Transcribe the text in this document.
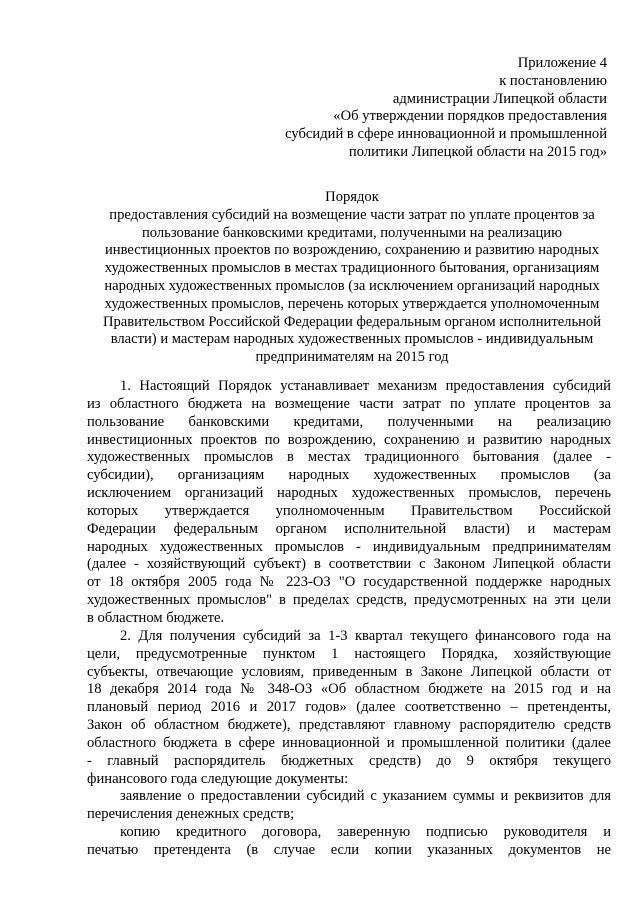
Приложение 4
к постановлению
администрации Липецкой области
«Об утверждении порядков предоставления
субсидий в сфере инновационной и промышленной
политики Липецкой области на 2015 год»
Порядок
предоставления субсидий на возмещение части затрат по уплате процентов за
пользование банковскими кредитами, полученными на реализацию
инвестиционных проектов по возрождению, сохранению и развитию народных
художественных промыслов в местах традиционного бытования, организациям
народных художественных промыслов (за исключением организаций народных
художественных промыслов, перечень которых утверждается уполномоченным
Правительством Российской Федерации федеральным органом исполнительной
власти) и мастерам народных художественных промыслов - индивидуальным
предпринимателям на 2015 год
1. Настоящий Порядок устанавливает механизм предоставления субсидий
из областного бюджета на возмещение части затрат по уплате процентов за
пользование банковскими кредитами, полученными на реализацию
инвестиционных проектов по возрождению, сохранению и развитию народных
художественных промыслов в местах традиционного бытования (далее -
субсидии), организациям народных художественных промыслов (за
исключением организаций народных художественных промыслов, перечень
которых утверждается уполномоченным Правительством Российской
Федерации федеральным органом исполнительной власти) и мастерам
народных художественных промыслов - индивидуальным предпринимателям
(далее - хозяйствующий субъект) в соответствии с Законом Липецкой области
от 18 октября 2005 года № 223-ОЗ "О государственной поддержке народных
художественных промыслов" в пределах средств, предусмотренных на эти цели
в областном бюджете.
2. Для получения субсидий за 1-3 квартал текущего финансового года на
цели, предусмотренные пунктом 1 настоящего Порядка, хозяйствующие
субъекты, отвечающие условиям, приведенным в Законе Липецкой области от
18 декабря 2014 года № 348-ОЗ «Об областном бюджете на 2015 год и на
плановый период 2016 и 2017 годов» (далее соответственно – претенденты,
Закон об областном бюджете), представляют главному распорядителю средств
областного бюджета в сфере инновационной и промышленной политики (далее
- главный распорядитель бюджетных средств) до 9 октября текущего
финансового года следующие документы:
заявление о предоставлении субсидий с указанием суммы и реквизитов для
перечисления денежных средств;
копию кредитного договора, заверенную подписью руководителя и
печатью претендента (в случае если копии указанных документов не
